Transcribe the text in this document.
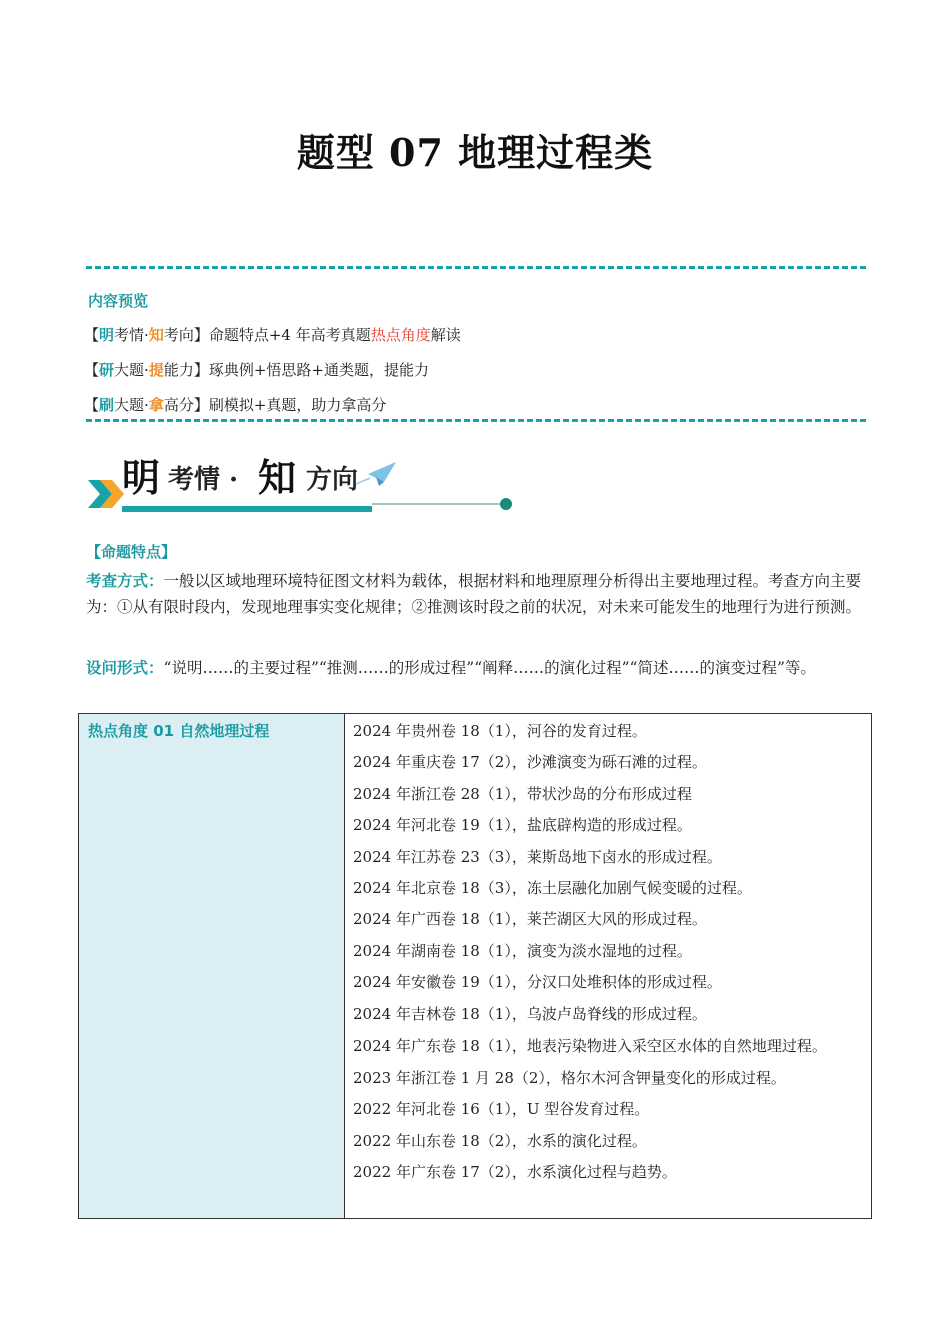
题型 07 地理过程类
内容预览
【明考情·知考向】命题特点+4 年高考真题热点角度解读
【研大题·提能力】琢典例+悟思路+通类题，提能力
【刷大题·拿高分】刷模拟+真题，助力拿高分
明 考情 · 知 方向
【命题特点】
考查方式：一般以区域地理环境特征图文材料为载体，根据材料和地理原理分析得出主要地理过程。考查方向主要为：①从有限时段内，发现地理事实变化规律；②推测该时段之前的状况，对未来可能发生的地理行为进行预测。
设问形式：“说明……的主要过程”“推测……的形成过程”“阐释……的演化过程”“简述……的演变过程”等。
热点角度 01 自然地理过程	2024 年贵州卷 18（1），河谷的发育过程。
2024 年重庆卷 17（2），沙滩演变为砾石滩的过程。
2024 年浙江卷 28（1），带状沙岛的分布形成过程
2024 年河北卷 19（1），盐底辟构造的形成过程。
2024 年江苏卷 23（3），莱斯岛地下卤水的形成过程。
2024 年北京卷 18（3），冻土层融化加剧气候变暖的过程。
2024 年广西卷 18（1），莱芒湖区大风的形成过程。
2024 年湖南卷 18（1），演变为淡水湿地的过程。
2024 年安徽卷 19（1），分汉口处堆积体的形成过程。
2024 年吉林卷 18（1），乌波卢岛脊线的形成过程。
2024 年广东卷 18（1），地表污染物进入采空区水体的自然地理过程。
2023 年浙江卷 1 月 28（2），格尔木河含钾量变化的形成过程。
2022 年河北卷 16（1），U 型谷发育过程。
2022 年山东卷 18（2），水系的演化过程。
2022 年广东卷 17（2），水系演化过程与趋势。
